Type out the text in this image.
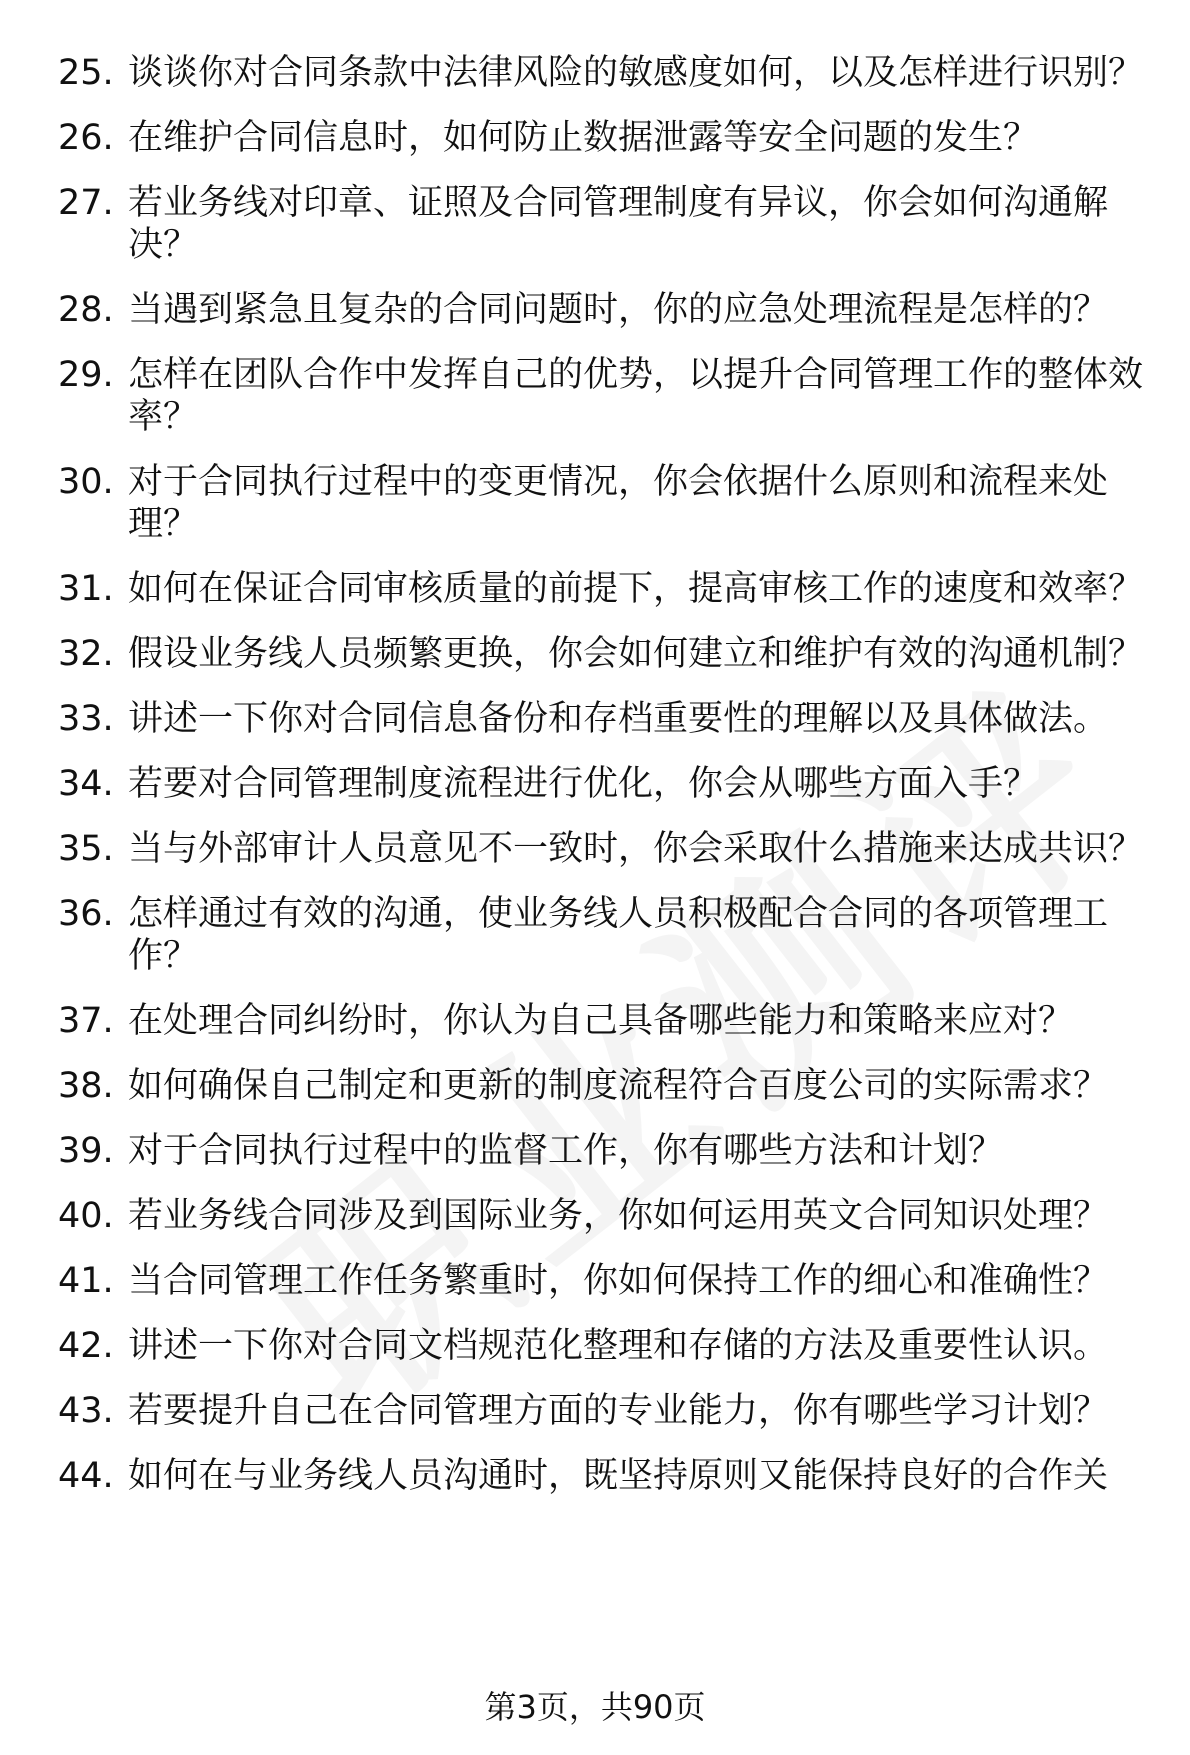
25. 谈谈你对合同条款中法律风险的敏感度如何，以及怎样进行识别？
26. 在维护合同信息时，如何防止数据泄露等安全问题的发生？
27. 若业务线对印章、证照及合同管理制度有异议，你会如何沟通解决？
28. 当遇到紧急且复杂的合同问题时，你的应急处理流程是怎样的？
29. 怎样在团队合作中发挥自己的优势，以提升合同管理工作的整体效率？
30. 对于合同执行过程中的变更情况，你会依据什么原则和流程来处理？
31. 如何在保证合同审核质量的前提下，提高审核工作的速度和效率？
32. 假设业务线人员频繁更换，你会如何建立和维护有效的沟通机制？
33. 讲述一下你对合同信息备份和存档重要性的理解以及具体做法。
34. 若要对合同管理制度流程进行优化，你会从哪些方面入手？
35. 当与外部审计人员意见不一致时，你会采取什么措施来达成共识？
36. 怎样通过有效的沟通，使业务线人员积极配合合同的各项管理工作？
37. 在处理合同纠纷时，你认为自己具备哪些能力和策略来应对？
38. 如何确保自己制定和更新的制度流程符合百度公司的实际需求？
39. 对于合同执行过程中的监督工作，你有哪些方法和计划？
40. 若业务线合同涉及到国际业务，你如何运用英文合同知识处理？
41. 当合同管理工作任务繁重时，你如何保持工作的细心和准确性？
42. 讲述一下你对合同文档规范化整理和存储的方法及重要性认识。
43. 若要提升自己在合同管理方面的专业能力，你有哪些学习计划？
44. 如何在与业务线人员沟通时，既坚持原则又能保持良好的合作关
第3页，共90页
